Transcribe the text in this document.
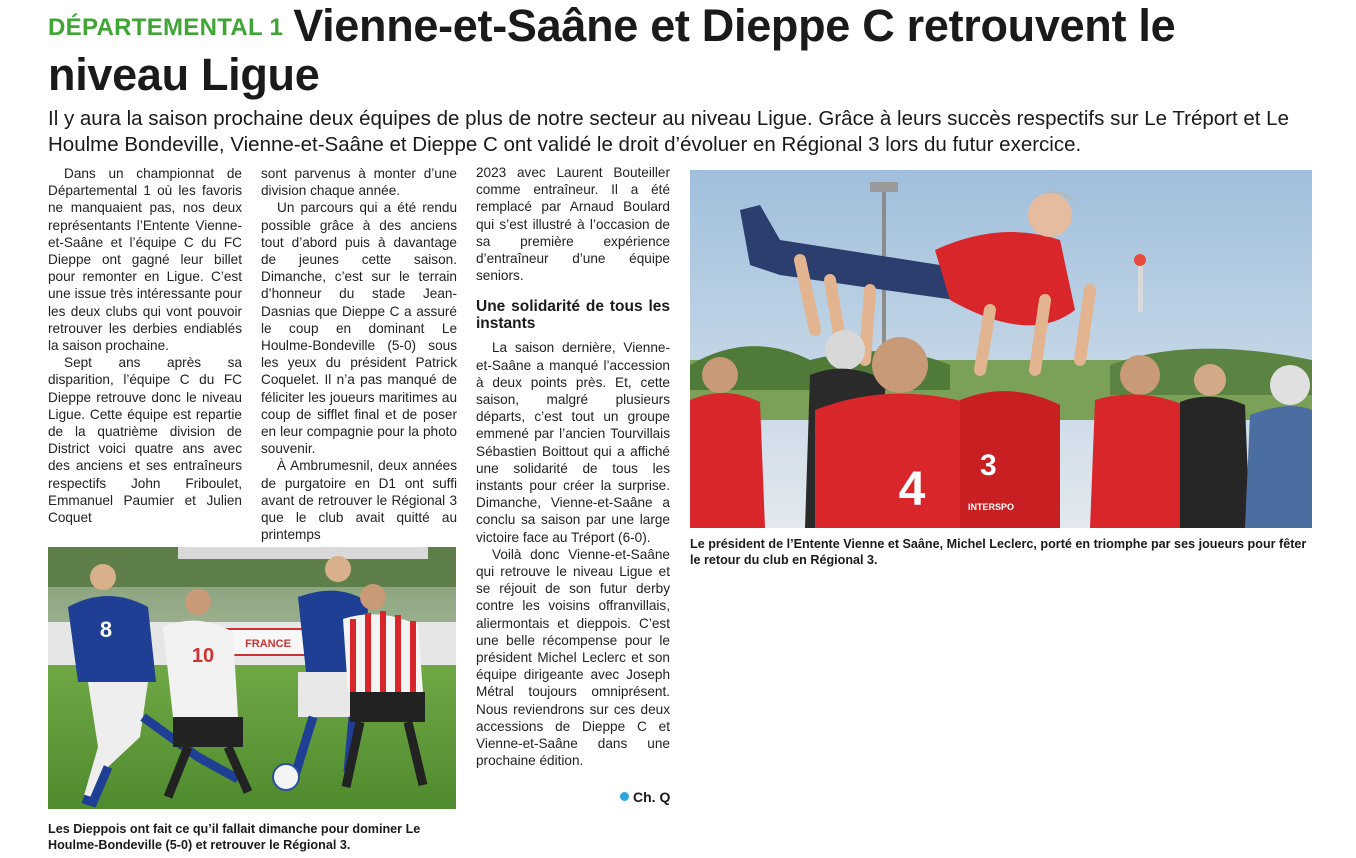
DÉPARTEMENTAL 1 Vienne-et-Saâne et Dieppe C retrouvent le niveau Ligue
Il y aura la saison prochaine deux équipes de plus de notre secteur au niveau Ligue. Grâce à leurs succès respectifs sur Le Tréport et Le Houlme Bondeville, Vienne-et-Saâne et Dieppe C ont validé le droit d’évoluer en Régional 3 lors du futur exercice.

Dans un championnat de Départemental 1 où les favoris ne manquaient pas, nos deux représentants l’Entente Vienne-et-Saâne et l’équipe C du FC Dieppe ont gagné leur billet pour remonter en Ligue. C’est une issue très intéressante pour les deux clubs qui vont pouvoir retrouver les derbies endiablés la saison prochaine.

Sept ans après sa disparition, l’équipe C du FC Dieppe retrouve donc le niveau Ligue. Cette équipe est repartie de la quatrième division de District voici quatre ans avec des anciens et ses entraîneurs respectifs John Friboulet, Emmanuel Paumier et Julien Coquet

sont parvenus à monter d’une division chaque année.

Un parcours qui a été rendu possible grâce à des anciens tout d’abord puis à davantage de jeunes cette saison. Dimanche, c’est sur le terrain d’honneur du stade Jean-Dasnias que Dieppe C a assuré le coup en dominant Le Houlme-Bondeville (5-0) sous les yeux du président Patrick Coquelet. Il n’a pas manqué de féliciter les joueurs maritimes au coup de sifflet final et de poser en leur compagnie pour la photo souvenir.

À Ambrumesnil, deux années de purgatoire en D1 ont suffi avant de retrouver le Régional 3 que le club avait quitté au printemps

2023 avec Laurent Bouteiller comme entraîneur. Il a été remplacé par Arnaud Boulard qui s’est illustré à l’occasion de sa première expérience d’entraîneur d’une équipe seniors.

Une solidarité de tous les instants

La saison dernière, Vienne-et-Saâne a manqué l’accession à deux points près. Et, cette saison, malgré plusieurs départs, c’est tout un groupe emmené par l’ancien Tourvillais Sébastien Boittout qui a affiché une solidarité de tous les instants pour créer la surprise. Dimanche, Vienne-et-Saâne a conclu sa saison par une large victoire face au Tréport (6-0).

Voilà donc Vienne-et-Saâne qui retrouve le niveau Ligue et se réjouit de son futur derby contre les voisins offranvillais, aliermontais et dieppois. C’est une belle récompense pour le président Michel Leclerc et son équipe dirigeante avec Joseph Métral toujours omniprésent. Nous reviendrons sur ces deux accessions de Dieppe C et Vienne-et-Saâne dans une prochaine édition.

Ch. Q
FRANCE
8
10
Les Dieppois ont fait ce qu’il fallait dimanche pour dominer Le Houlme-Bondeville (5-0) et retrouver le Régional 3.
4 3
INTERSPO
Le président de l’Entente Vienne et Saâne, Michel Leclerc, porté en triomphe par ses joueurs pour fêter le retour du club en Régional 3.
